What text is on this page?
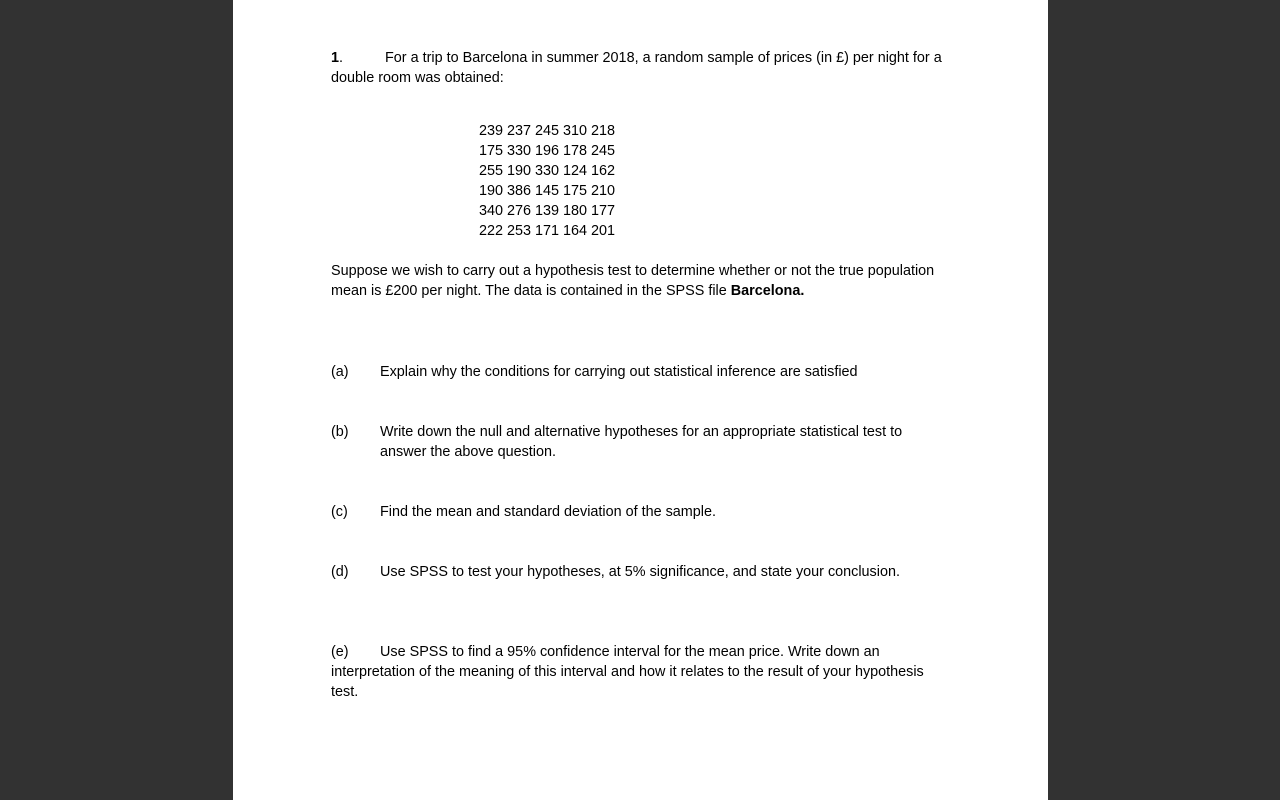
1.	For a trip to Barcelona in summer 2018, a random sample of prices (in £) per night for a double room was obtained:

239 237 245 310 218
175 330 196 178 245
255 190 330 124 162
190 386 145 175 210
340 276 139 180 177
222 253 171 164 201

Suppose we wish to carry out a hypothesis test to determine whether or not the true population mean is £200 per night. The data is contained in the SPSS file Barcelona.

(a)	Explain why the conditions for carrying out statistical inference are satisfied
(b)	Write down the null and alternative hypotheses for an appropriate statistical test to answer the above question.
(c)	Find the mean and standard deviation of the sample.
(d)	Use SPSS to test your hypotheses, at 5% significance, and state your conclusion.

(e) Use SPSS to find a 95% confidence interval for the mean price. Write down an interpretation of the meaning of this interval and how it relates to the result of your hypothesis test.
